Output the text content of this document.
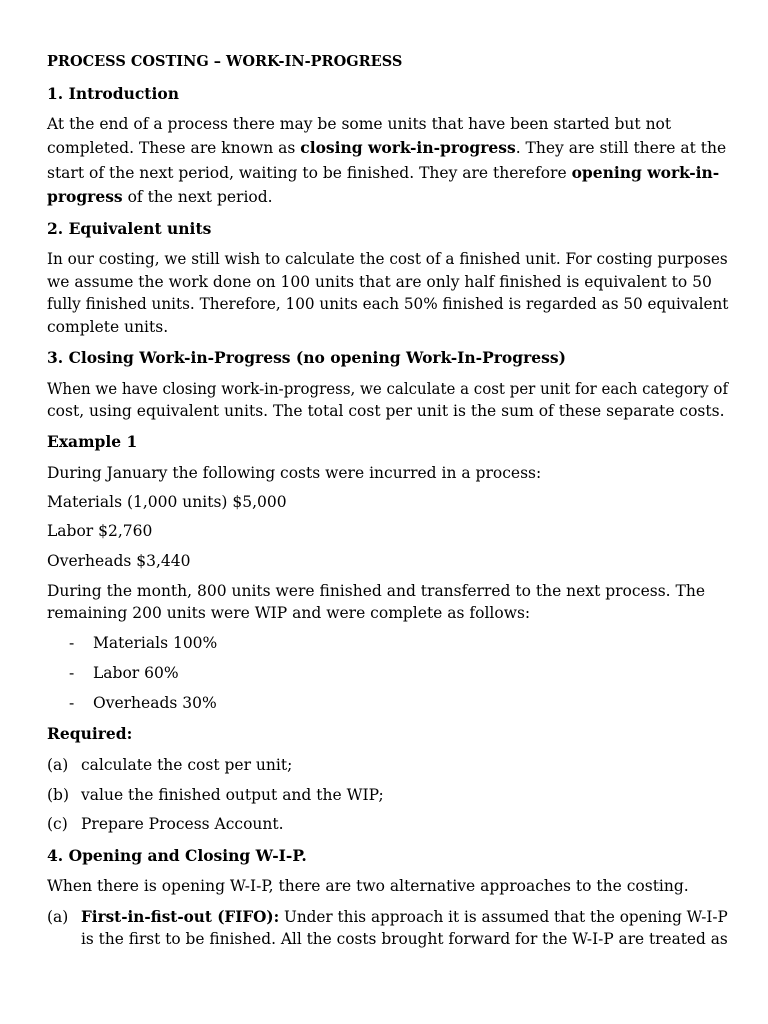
PROCESS COSTING – WORK-IN-PROGRESS
1. Introduction
At the end of a process there may be some units that have been started but not
completed. These are known as closing work-in-progress. They are still there at the
start of the next period, waiting to be finished. They are therefore opening work-in-
progress of the next period.
2. Equivalent units
In our costing, we still wish to calculate the cost of a finished unit. For costing purposes
we assume the work done on 100 units that are only half finished is equivalent to 50
fully finished units. Therefore, 100 units each 50% finished is regarded as 50 equivalent
complete units.
3. Closing Work-in-Progress (no opening Work-In-Progress)
When we have closing work-in-progress, we calculate a cost per unit for each category of
cost, using equivalent units. The total cost per unit is the sum of these separate costs.
Example 1
During January the following costs were incurred in a process:
Materials (1,000 units) $5,000
Labor $2,760
Overheads $3,440
During the month, 800 units were finished and transferred to the next process. The
remaining 200 units were WIP and were complete as follows:
- Materials 100%
- Labor 60%
- Overheads 30%
Required:
(a) calculate the cost per unit;
(b) value the finished output and the WIP;
(c) Prepare Process Account.
4. Opening and Closing W-I-P.
When there is opening W-I-P, there are two alternative approaches to the costing.
(a) First-in-fist-out (FIFO): Under this approach it is assumed that the opening W-I-P
is the first to be finished. All the costs brought forward for the W-I-P are treated as
